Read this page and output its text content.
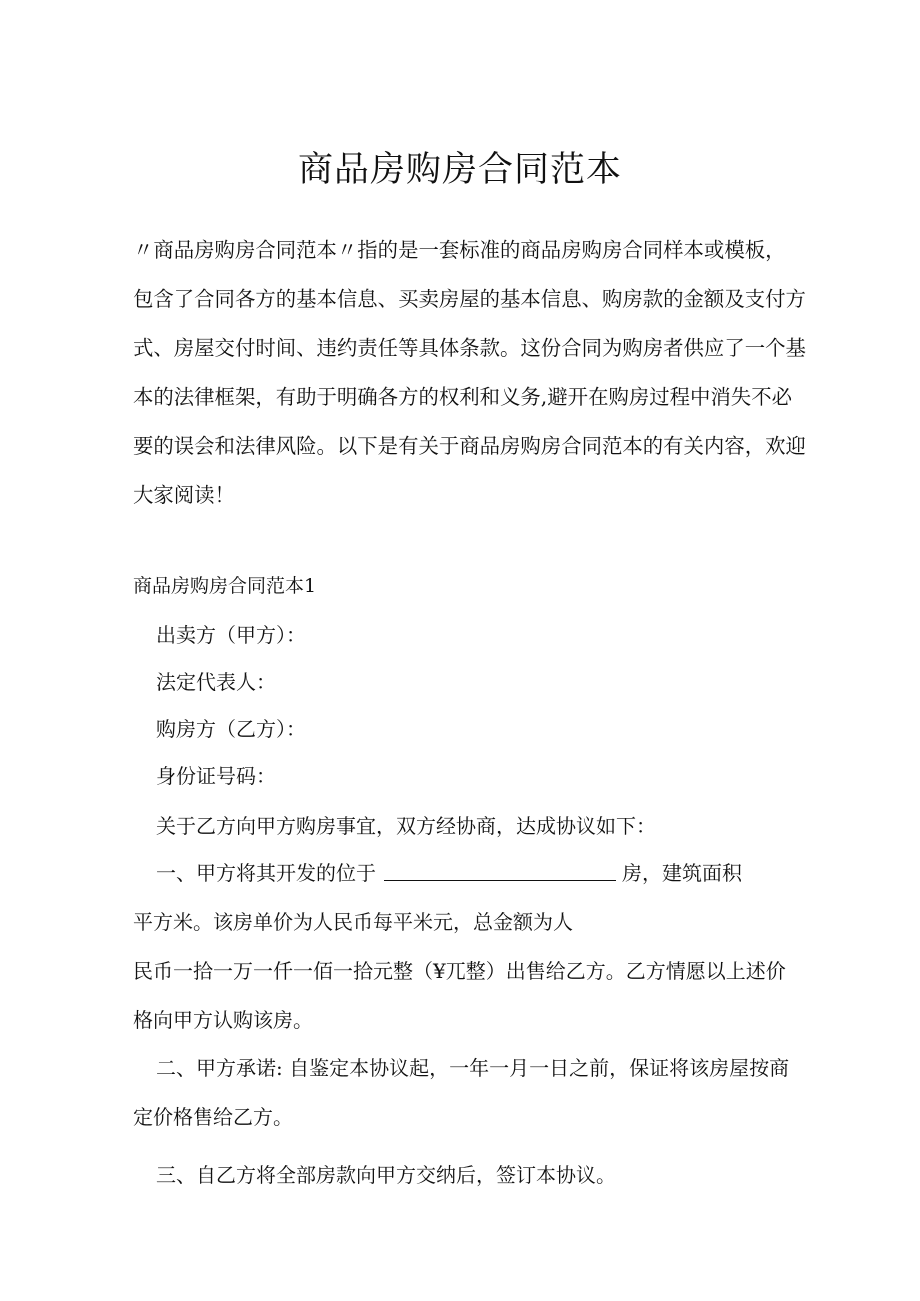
商品房购房合同范本
〃商品房购房合同范本〃指的是一套标准的商品房购房合同样本或模板，
包含了合同各方的基本信息、买卖房屋的基本信息、购房款的金额及支付方
式、房屋交付时间、违约责任等具体条款。这份合同为购房者供应了一个基
本的法律框架，有助于明确各方的权利和义务,避开在购房过程中消失不必
要的误会和法律风险。以下是有关于商品房购房合同范本的有关内容，欢迎
大家阅读！
商品房购房合同范本1
出卖方（甲方）：
法定代表人：
购房方（乙方）：
身份证号码：
关于乙方向甲方购房事宜，双方经协商，达成协议如下：
一、甲方将其开发的位于	房，建筑面积
平方米。该房单价为人民币每平米元，总金额为人
民币一拾一万一仟一佰一拾元整（¥兀整）出售给乙方。乙方情愿以上述价
格向甲方认购该房。
二、甲方承诺: 自鉴定本协议起，一年一月一日之前，保证将该房屋按商
定价格售给乙方。
三、自乙方将全部房款向甲方交纳后，签订本协议。
